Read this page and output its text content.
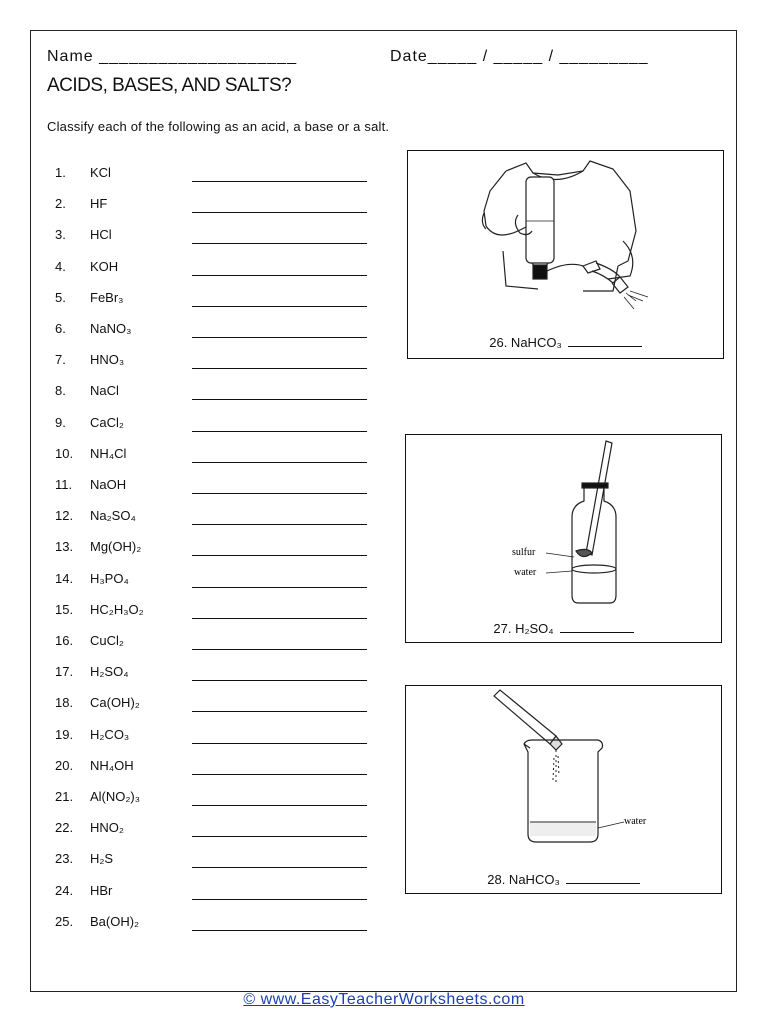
Name ____________________	Date_____ / _____ / _________
ACIDS, BASES, AND SALTS?
Classify each of the following as an acid, a base or a salt.
1. KCl
2. HF
3. HCl
4. KOH
5. FeBr₃
6. NaNO₃
7. HNO₃
8. NaCl
9. CaCl₂
10. NH₄Cl
11. NaOH
12. Na₂SO₄
13. Mg(OH)₂
14. H₃PO₄
15. HC₂H₃O₂
16. CuCl₂
17. H₂SO₄
18. Ca(OH)₂
19. H₂CO₃
20. NH₄OH
21. Al(NO₂)₃
22. HNO₂
23. H₂S
24. HBr
25. Ba(OH)₂
26. NaHCO₃
sulfur
water
27. H₂SO₄
water
28. NaHCO₃
© www.EasyTeacherWorksheets.com
